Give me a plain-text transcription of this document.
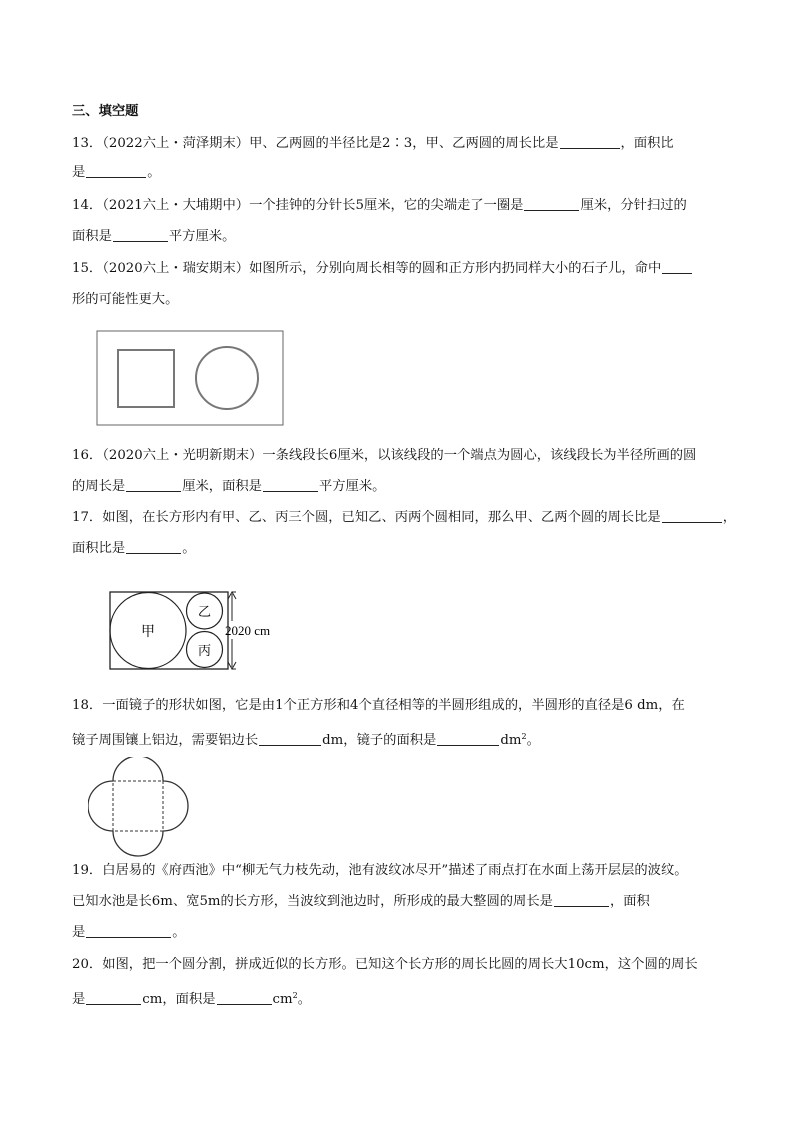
三、填空题
13．（2022六上・菏泽期末）甲、乙两圆的半径比是2∶3，甲、乙两圆的周长比是	，面积比
是	。
14．（2021六上・大埔期中）一个挂钟的分针长5厘米，它的尖端走了一圈是	厘米，分针扫过的
面积是	平方厘米。
15．（2020六上・瑞安期末）如图所示，分别向周长相等的圆和正方形内扔同样大小的石子儿，命中
形的可能性更大。
16．（2020六上・光明新期末）一条线段长6厘米，以该线段的一个端点为圆心，该线段长为半径所画的圆
的周长是	厘米，面积是	平方厘米。
17．如图，在长方形内有甲、乙、丙三个圆，已知乙、丙两个圆相同，那么甲、乙两个圆的周长比是	，
面积比是	。
甲
乙
丙
2020 cm
18．一面镜子的形状如图，它是由1个正方形和4个直径相等的半圆形组成的，半圆形的直径是6 dm，在
镜子周围镶上铝边，需要铝边长	dm，镜子的面积是	$dm^2$。
19．白居易的《府西池》中“柳无气力枝先动，池有波纹冰尽开”描述了雨点打在水面上荡开层层的波纹。
已知水池是长6m、宽5m的长方形，当波纹到池边时，所形成的最大整圆的周长是	，面积
是	。
20．如图，把一个圆分割，拼成近似的长方形。已知这个长方形的周长比圆的周长大10cm，这个圆的周长
是	cm，面积是	$cm^2$。
